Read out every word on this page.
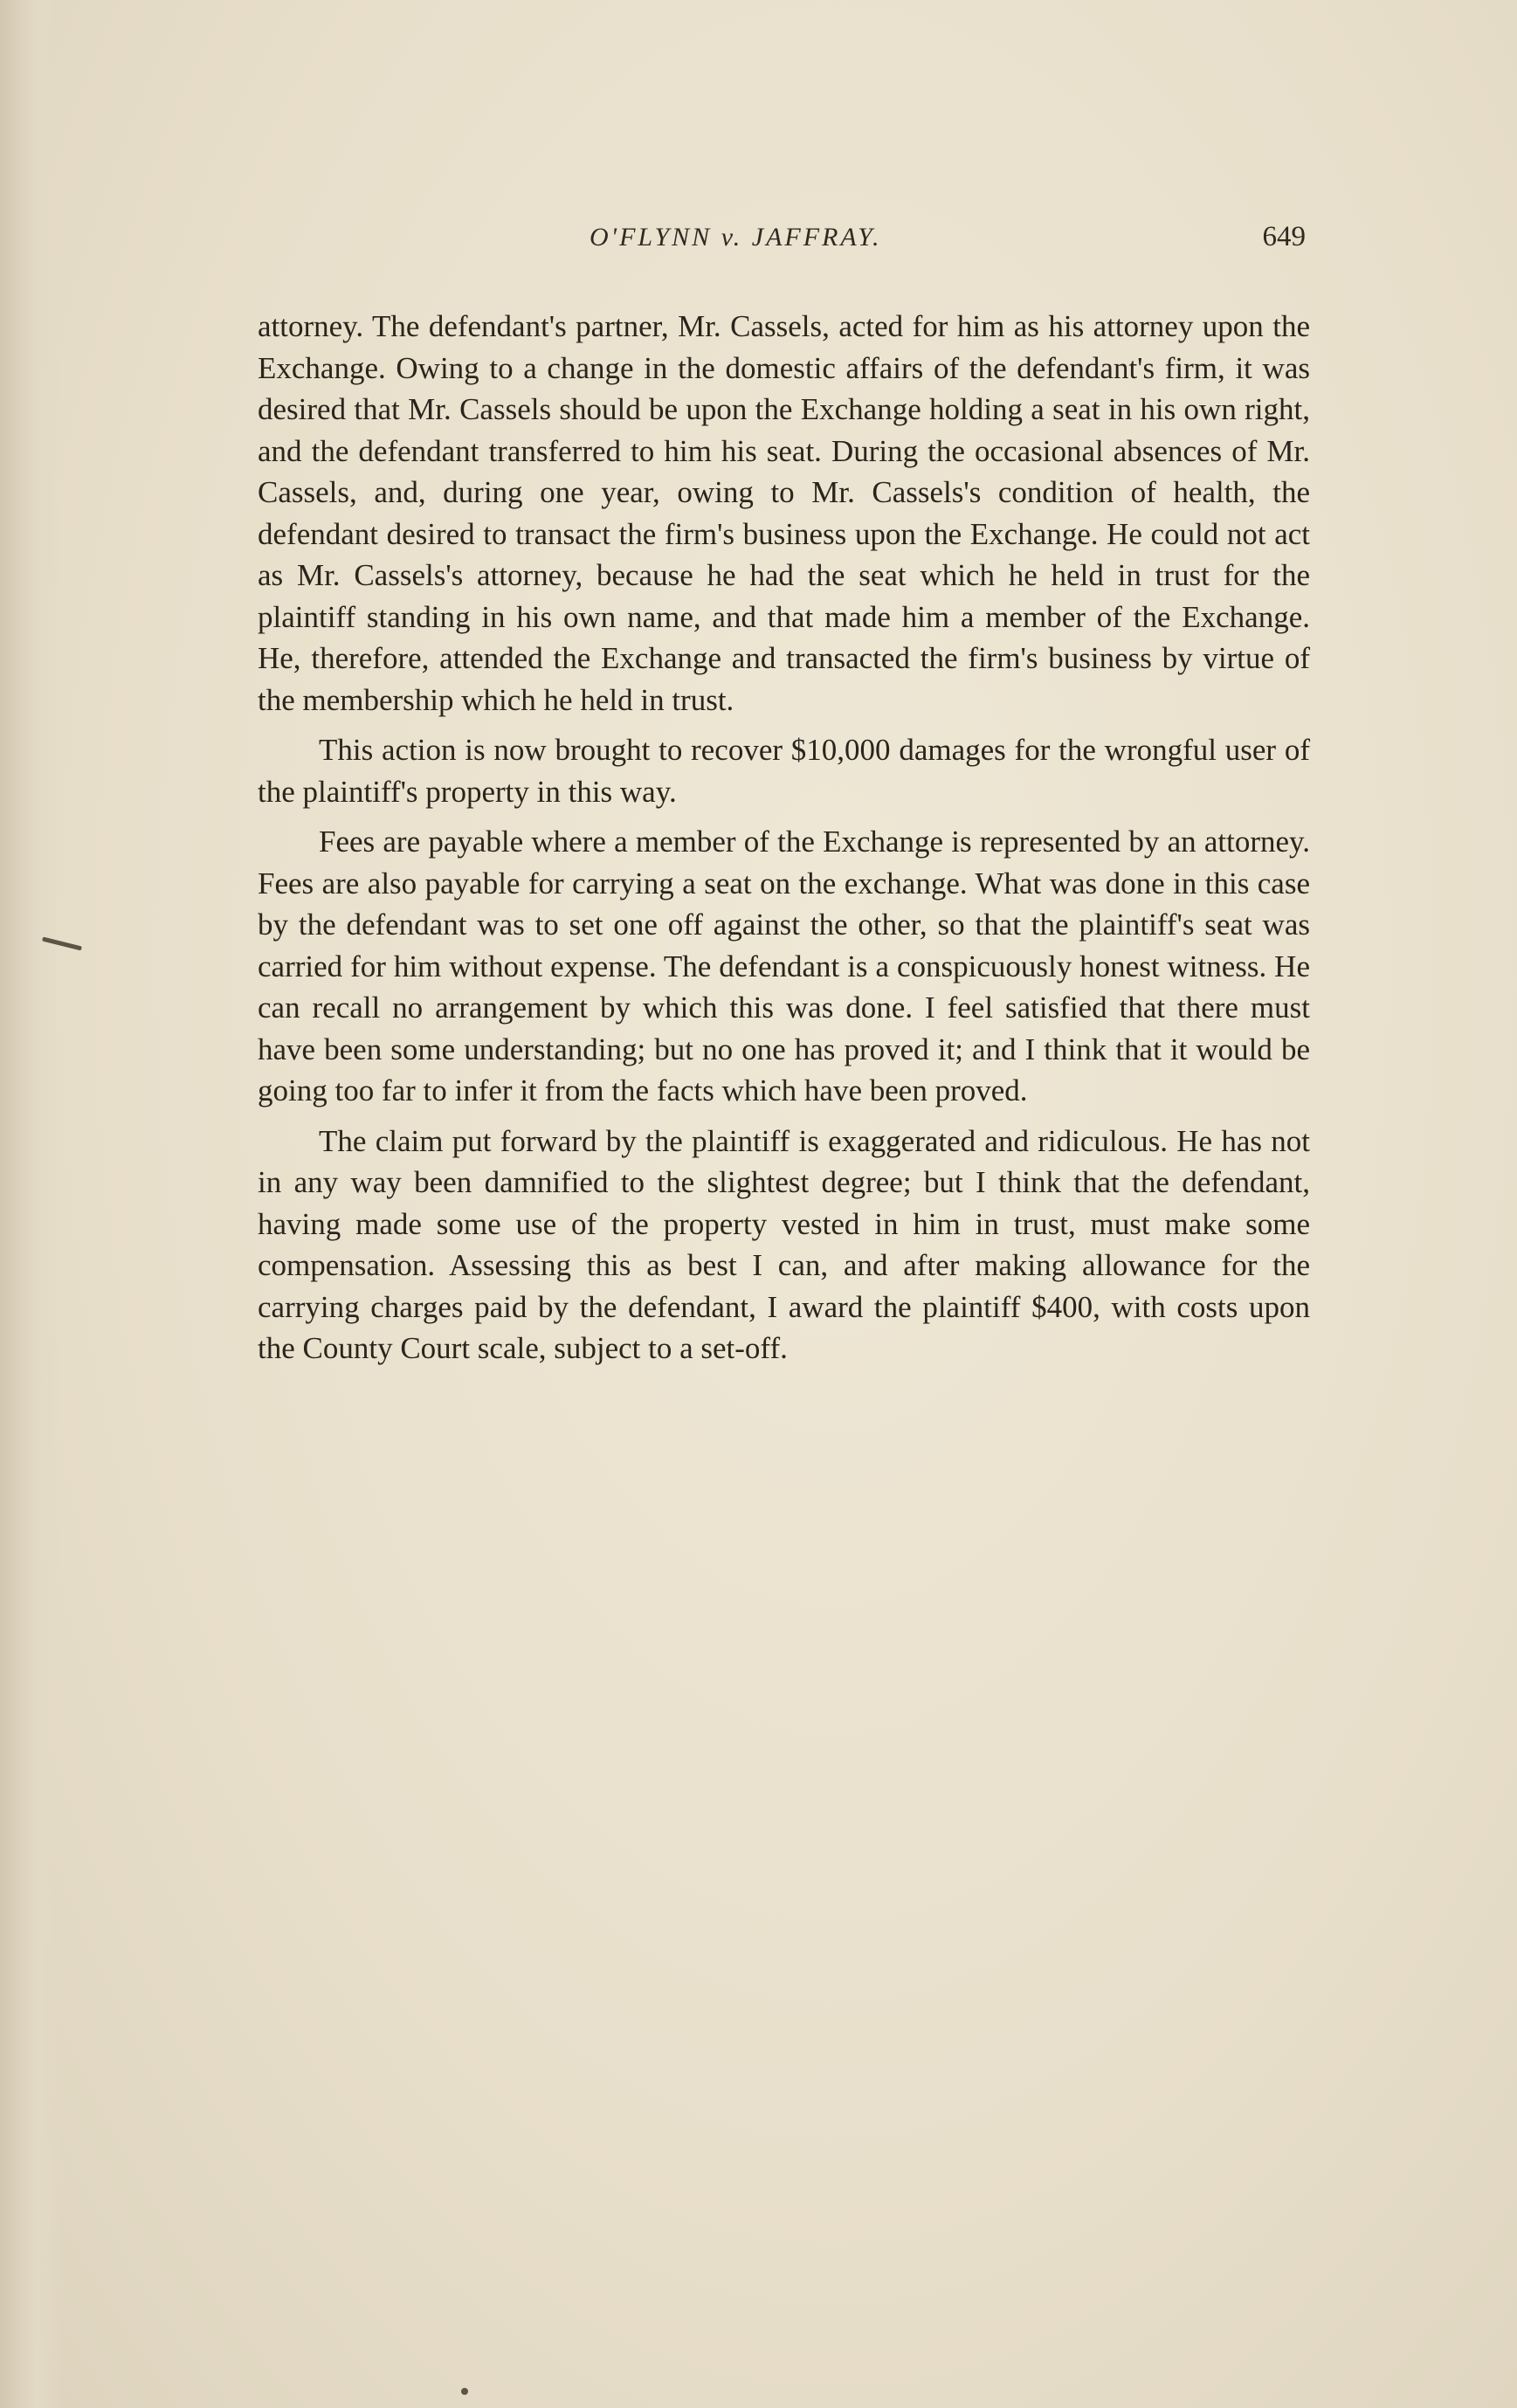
O'FLYNN v. JAFFRAY.	649

attorney. The defendant's partner, Mr. Cassels, acted for him as his attorney upon the Exchange. Owing to a change in the domestic affairs of the defendant's firm, it was desired that Mr. Cassels should be upon the Exchange holding a seat in his own right, and the defendant transferred to him his seat. During the occasional absences of Mr. Cassels, and, during one year, owing to Mr. Cassels's condition of health, the defendant desired to transact the firm's business upon the Exchange. He could not act as Mr. Cassels's attorney, because he had the seat which he held in trust for the plaintiff standing in his own name, and that made him a member of the Exchange. He, therefore, attended the Exchange and transacted the firm's business by virtue of the membership which he held in trust.

This action is now brought to recover $10,000 damages for the wrongful user of the plaintiff's property in this way.

Fees are payable where a member of the Exchange is represented by an attorney. Fees are also payable for carrying a seat on the exchange. What was done in this case by the defendant was to set one off against the other, so that the plaintiff's seat was carried for him without expense. The defendant is a conspicuously honest witness. He can recall no arrangement by which this was done. I feel satisfied that there must have been some understanding; but no one has proved it; and I think that it would be going too far to infer it from the facts which have been proved.

The claim put forward by the plaintiff is exaggerated and ridiculous. He has not in any way been damnified to the slightest degree; but I think that the defendant, having made some use of the property vested in him in trust, must make some compensation. Assessing this as best I can, and after making allowance for the carrying charges paid by the defendant, I award the plaintiff $400, with costs upon the County Court scale, subject to a set-off.
